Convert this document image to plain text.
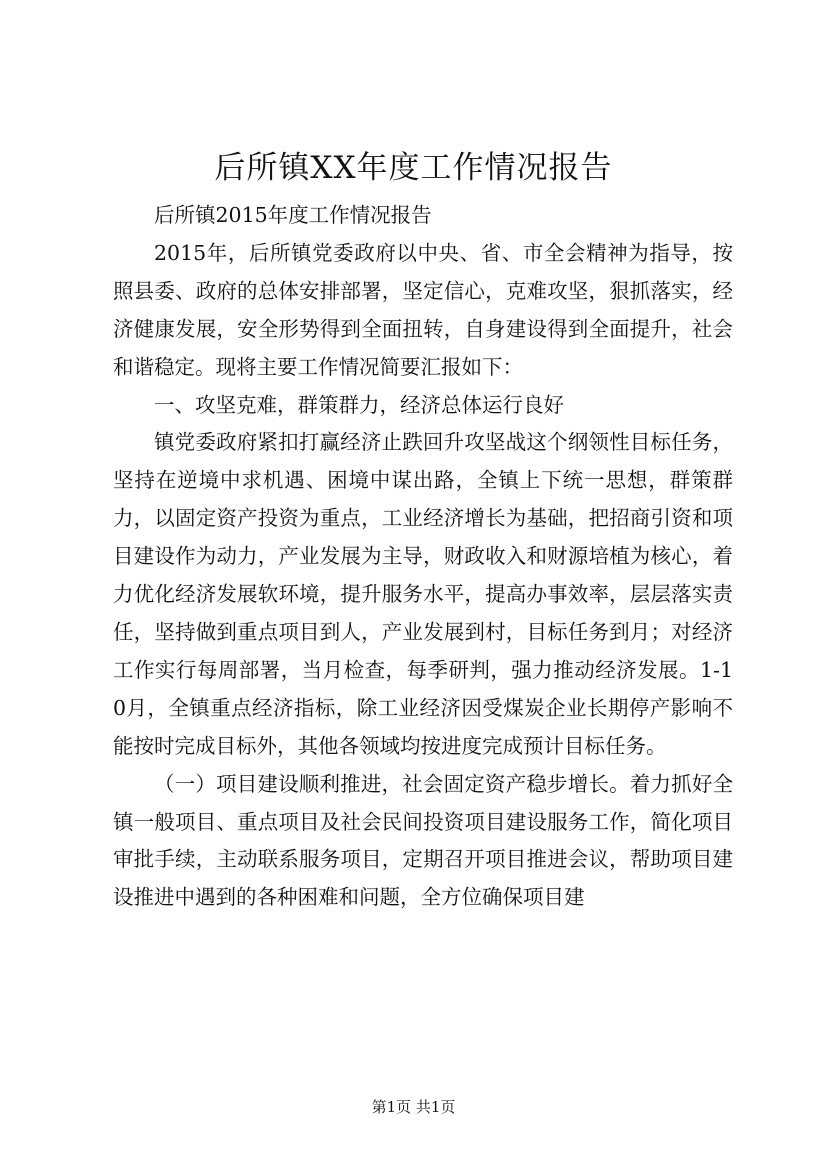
后所镇XX年度工作情况报告

后所镇2015年度工作情况报告

2015年，后所镇党委政府以中央、省、市全会精神为指导，按照县委、政府的总体安排部署，坚定信心，克难攻坚，狠抓落实，经济健康发展，安全形势得到全面扭转，自身建设得到全面提升，社会和谐稳定。现将主要工作情况简要汇报如下：

一、攻坚克难，群策群力，经济总体运行良好

镇党委政府紧扣打赢经济止跌回升攻坚战这个纲领性目标任务，坚持在逆境中求机遇、困境中谋出路，全镇上下统一思想，群策群力，以固定资产投资为重点，工业经济增长为基础，把招商引资和项目建设作为动力，产业发展为主导，财政收入和财源培植为核心，着力优化经济发展软环境，提升服务水平，提高办事效率，层层落实责任，坚持做到重点项目到人，产业发展到村，目标任务到月；对经济工作实行每周部署，当月检查，每季研判，强力推动经济发展。1-10月，全镇重点经济指标，除工业经济因受煤炭企业长期停产影响不能按时完成目标外，其他各领域均按进度完成预计目标任务。

（一）项目建设顺利推进，社会固定资产稳步增长。着力抓好全镇一般项目、重点项目及社会民间投资项目建设服务工作，简化项目审批手续，主动联系服务项目，定期召开项目推进会议，帮助项目建设推进中遇到的各种困难和问题，全方位确保项目建

第1页 共1页
